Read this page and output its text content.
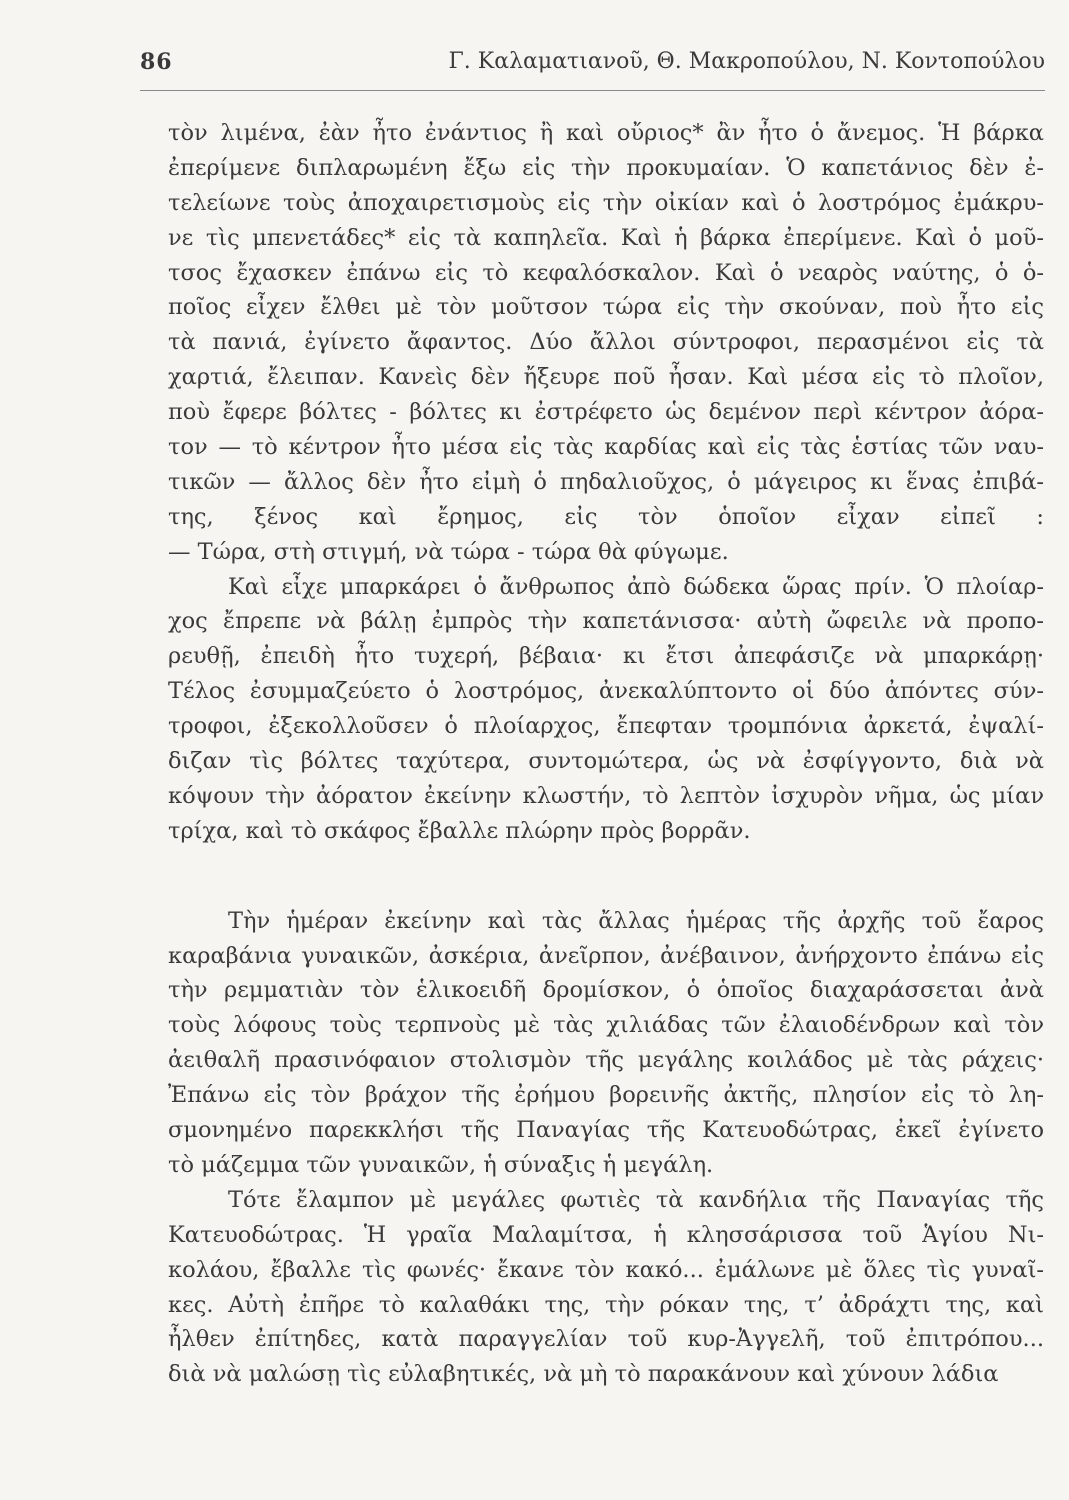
86	Γ. Καλαματιανοῦ, Θ. Μακροπούλου, Ν. Κοντοπούλου
τὸν λιμένα, ἐὰν ἦτο ἐνάντιος ἢ καὶ οὔριος* ἂν ἦτο ὁ ἄνεμος. Ἡ βάρκα
ἐπερίμενε διπλαρωμένη ἔξω εἰς τὴν προκυμαίαν. Ὁ καπετάνιος δὲν ἐ-
τελείωνε τοὺς ἀποχαιρετισμοὺς εἰς τὴν οἰκίαν καὶ ὁ λοστρόμος ἐμάκρυ-
νε τὶς μπενετάδες* εἰς τὰ καπηλεῖα. Καὶ ἡ βάρκα ἐπερίμενε. Καὶ ὁ μοῦ-
τσος ἔχασκεν ἐπάνω εἰς τὸ κεφαλόσκαλον. Καὶ ὁ νεαρὸς ναύτης, ὁ ὁ-
ποῖος εἶχεν ἔλθει μὲ τὸν μοῦτσον τώρα εἰς τὴν σκούναν, ποὺ ἦτο εἰς
τὰ πανιά, ἐγίνετο ἄφαντος. Δύο ἄλλοι σύντροφοι, περασμένοι εἰς τὰ
χαρτιά, ἔλειπαν. Κανεὶς δὲν ἤξευρε ποῦ ἦσαν. Καὶ μέσα εἰς τὸ πλοῖον,
ποὺ ἔφερε βόλτες - βόλτες κι ἐστρέφετο ὡς δεμένον περὶ κέντρον ἀόρα-
τον — τὸ κέντρον ἦτο μέσα εἰς τὰς καρδίας καὶ εἰς τὰς ἑστίας τῶν ναυ-
τικῶν — ἄλλος δὲν ἦτο εἰμὴ ὁ πηδαλιοῦχος, ὁ μάγειρος κι ἕνας ἐπιβά-
της, ξένος καὶ ἔρημος, εἰς τὸν ὁποῖον εἶχαν εἰπεῖ :
— Τώρα, στὴ στιγμή, νὰ τώρα - τώρα θὰ φύγωμε.
Καὶ εἶχε μπαρκάρει ὁ ἄνθρωπος ἀπὸ δώδεκα ὥρας πρίν. Ὁ πλοίαρ-
χος ἔπρεπε νὰ βάλῃ ἐμπρὸς τὴν καπετάνισσα· αὐτὴ ὤφειλε νὰ προπο-
ρευθῇ, ἐπειδὴ ἦτο τυχερή, βέβαια· κι ἔτσι ἀπεφάσιζε νὰ μπαρκάρῃ·
Τέλος ἐσυμμαζεύετο ὁ λοστρόμος, ἀνεκαλύπτοντο οἱ δύο ἀπόντες σύν-
τροφοι, ἐξεκολλοῦσεν ὁ πλοίαρχος, ἔπεφταν τρομπόνια ἀρκετά, ἐψαλί-
διζαν τὶς βόλτες ταχύτερα, συντομώτερα, ὡς νὰ ἐσφίγγοντο, διὰ νὰ
κόψουν τὴν ἀόρατον ἐκείνην κλωστήν, τὸ λεπτὸν ἰσχυρὸν νῆμα, ὡς μίαν
τρίχα, καὶ τὸ σκάφος ἔβαλλε πλώρην πρὸς βορρᾶν.
Τὴν ἡμέραν ἐκείνην καὶ τὰς ἄλλας ἡμέρας τῆς ἀρχῆς τοῦ ἔαρος
καραβάνια γυναικῶν, ἀσκέρια, ἀνεῖρπον, ἀνέβαινον, ἀνήρχοντο ἐπάνω εἰς
τὴν ρεμματιὰν τὸν ἑλικοειδῆ δρομίσκον, ὁ ὁποῖος διαχαράσσεται ἀνὰ
τοὺς λόφους τοὺς τερπνοὺς μὲ τὰς χιλιάδας τῶν ἐλαιοδένδρων καὶ τὸν
ἀειθαλῆ πρασινόφαιον στολισμὸν τῆς μεγάλης κοιλάδος μὲ τὰς ράχεις·
Ἐπάνω εἰς τὸν βράχον τῆς ἐρήμου βορεινῆς ἀκτῆς, πλησίον εἰς τὸ λη-
σμονημένο παρεκκλήσι τῆς Παναγίας τῆς Κατευοδώτρας, ἐκεῖ ἐγίνετο
τὸ μάζεμμα τῶν γυναικῶν, ἡ σύναξις ἡ μεγάλη.
Τότε ἔλαμπον μὲ μεγάλες φωτιὲς τὰ κανδήλια τῆς Παναγίας τῆς
Κατευοδώτρας. Ἡ γραῖα Μαλαμίτσα, ἡ κλησσάρισσα τοῦ Ἁγίου Νι-
κολάου, ἔβαλλε τὶς φωνές· ἔκανε τὸν κακό... ἐμάλωνε μὲ ὅλες τὶς γυναῖ-
κες. Αὐτὴ ἐπῆρε τὸ καλαθάκι της, τὴν ρόκαν της, τ’ ἀδράχτι της, καὶ
ἦλθεν ἐπίτηδες, κατὰ παραγγελίαν τοῦ κυρ-Ἀγγελῆ, τοῦ ἐπιτρόπου...
διὰ νὰ μαλώσῃ τὶς εὐλαβητικές, νὰ μὴ τὸ παρακάνουν καὶ χύνουν λάδια
